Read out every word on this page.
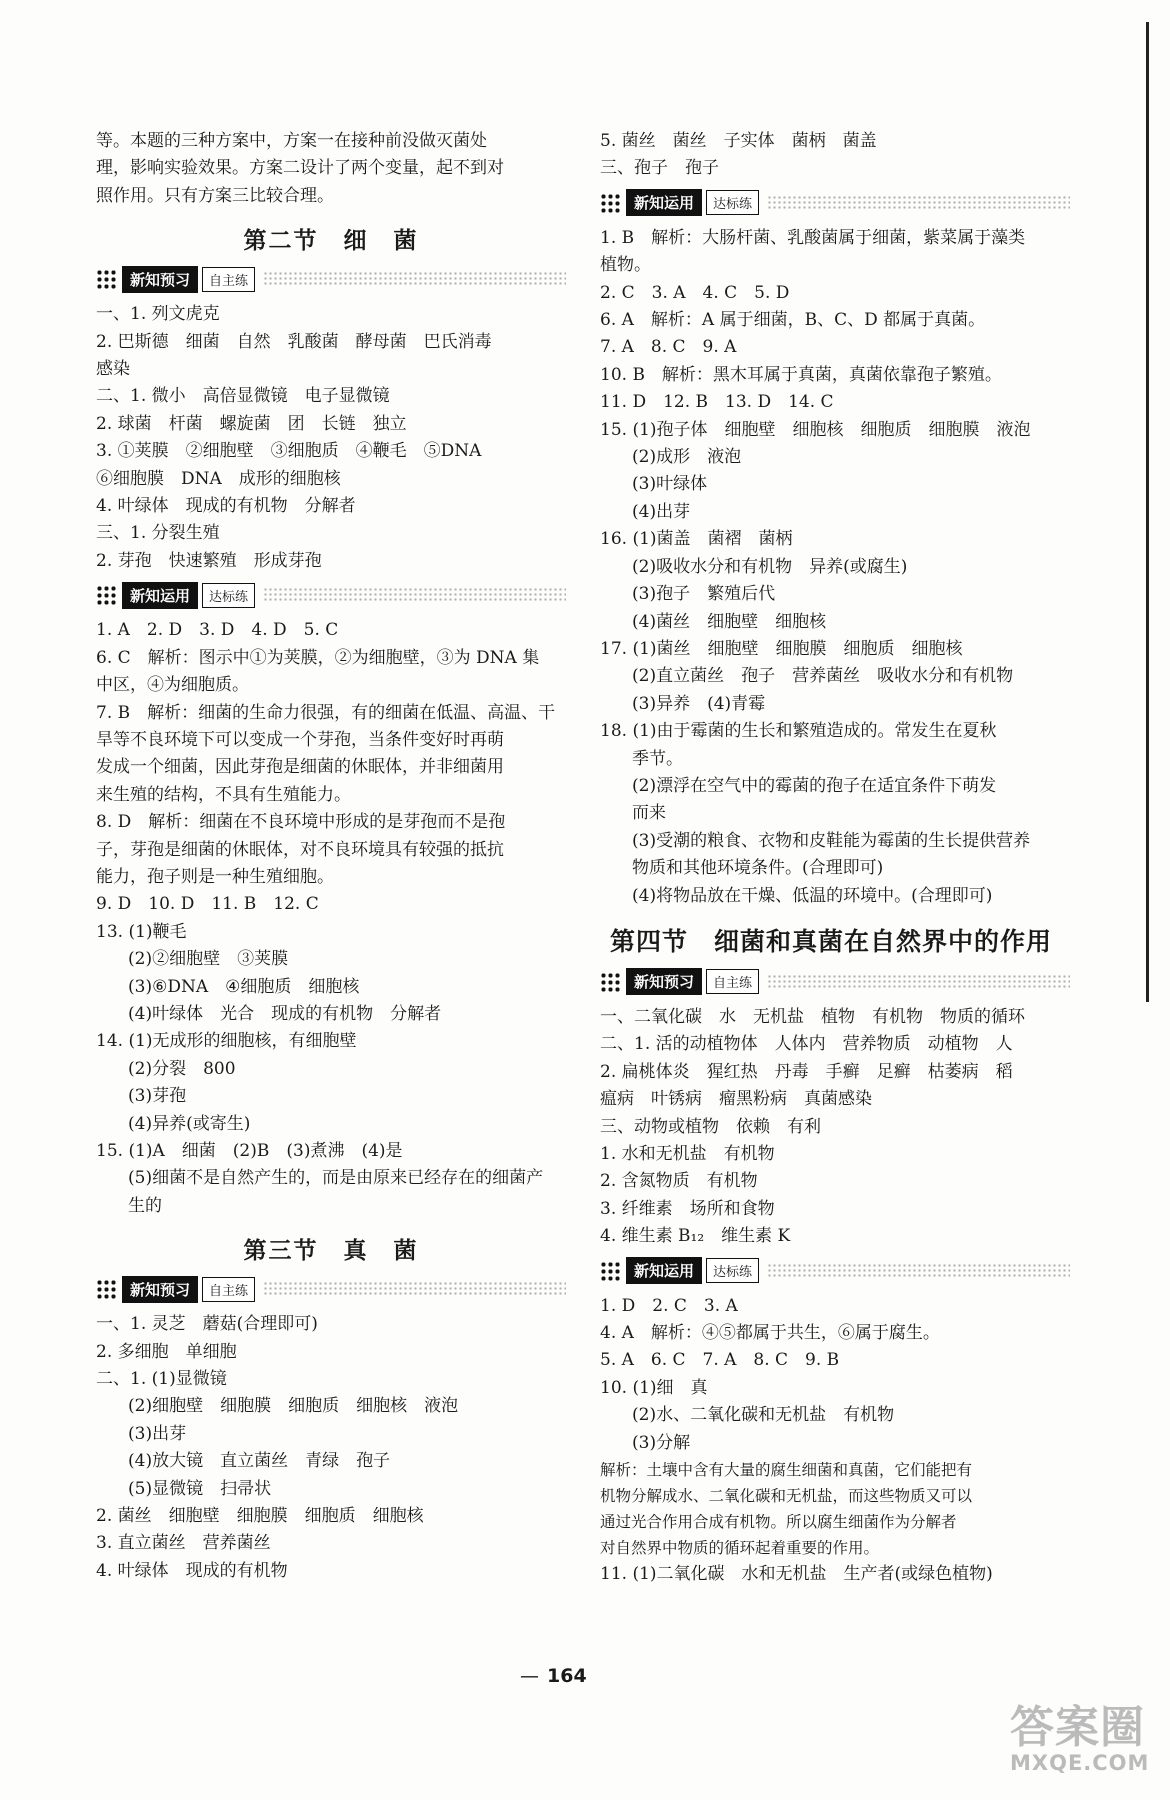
等。本题的三种方案中，方案一在接种前没做灭菌处
理，影响实验效果。方案二设计了两个变量，起不到对
照作用。只有方案三比较合理。
第二节　细　菌
新知预习	自主练
一、1. 列文虎克
2. 巴斯德　细菌　自然　乳酸菌　酵母菌　巴氏消毒
感染
二、1. 微小　高倍显微镜　电子显微镜
2. 球菌　杆菌　螺旋菌　团　长链　独立
3. ①荚膜　②细胞壁　③细胞质　④鞭毛　⑤DNA
⑥细胞膜　DNA　成形的细胞核
4. 叶绿体　现成的有机物　分解者
三、1. 分裂生殖
2. 芽孢　快速繁殖　形成芽孢
新知运用	达标练
1. A　2. D　3. D　4. D　5. C
6. C　解析：图示中①为荚膜，②为细胞壁，③为 DNA 集
中区，④为细胞质。
7. B　解析：细菌的生命力很强，有的细菌在低温、高温、干
旱等不良环境下可以变成一个芽孢，当条件变好时再萌
发成一个细菌，因此芽孢是细菌的休眠体，并非细菌用
来生殖的结构，不具有生殖能力。
8. D　解析：细菌在不良环境中形成的是芽孢而不是孢
子，芽孢是细菌的休眠体，对不良环境具有较强的抵抗
能力，孢子则是一种生殖细胞。
9. D　10. D　11. B　12. C
13. (1)鞭毛
(2)②细胞壁　③荚膜
(3)⑥DNA　④细胞质　细胞核
(4)叶绿体　光合　现成的有机物　分解者
14. (1)无成形的细胞核，有细胞壁
(2)分裂　800
(3)芽孢
(4)异养(或寄生)
15. (1)A　细菌　(2)B　(3)煮沸　(4)是
(5)细菌不是自然产生的，而是由原来已经存在的细菌产
生的
第三节　真　菌
新知预习	自主练
一、1. 灵芝　蘑菇(合理即可)
2. 多细胞　单细胞
二、1. (1)显微镜
(2)细胞壁　细胞膜　细胞质　细胞核　液泡
(3)出芽
(4)放大镜　直立菌丝　青绿　孢子
(5)显微镜　扫帚状
2. 菌丝　细胞壁　细胞膜　细胞质　细胞核
3. 直立菌丝　营养菌丝
4. 叶绿体　现成的有机物
5. 菌丝　菌丝　子实体　菌柄　菌盖
三、孢子　孢子
新知运用	达标练
1. B　解析：大肠杆菌、乳酸菌属于细菌，紫菜属于藻类
植物。
2. C　3. A　4. C　5. D
6. A　解析：A 属于细菌，B、C、D 都属于真菌。
7. A　8. C　9. A
10. B　解析：黑木耳属于真菌，真菌依靠孢子繁殖。
11. D　12. B　13. D　14. C
15. (1)孢子体　细胞壁　细胞核　细胞质　细胞膜　液泡
(2)成形　液泡
(3)叶绿体
(4)出芽
16. (1)菌盖　菌褶　菌柄
(2)吸收水分和有机物　异养(或腐生)
(3)孢子　繁殖后代
(4)菌丝　细胞壁　细胞核
17. (1)菌丝　细胞壁　细胞膜　细胞质　细胞核
(2)直立菌丝　孢子　营养菌丝　吸收水分和有机物
(3)异养　(4)青霉
18. (1)由于霉菌的生长和繁殖造成的。常发生在夏秋
季节。
(2)漂浮在空气中的霉菌的孢子在适宜条件下萌发
而来
(3)受潮的粮食、衣物和皮鞋能为霉菌的生长提供营养
物质和其他环境条件。(合理即可)
(4)将物品放在干燥、低温的环境中。(合理即可)
第四节　细菌和真菌在自然界中的作用
新知预习	自主练
一、二氧化碳　水　无机盐　植物　有机物　物质的循环
二、1. 活的动植物体　人体内　营养物质　动植物　人
2. 扁桃体炎　猩红热　丹毒　手癣　足癣　枯萎病　稻
瘟病　叶锈病　瘤黑粉病　真菌感染
三、动物或植物　依赖　有利
1. 水和无机盐　有机物
2. 含氮物质　有机物
3. 纤维素　场所和食物
4. 维生素 B₁₂　维生素 K
新知运用	达标练
1. D　2. C　3. A
4. A　解析：④⑤都属于共生，⑥属于腐生。
5. A　6. C　7. A　8. C　9. B
10. (1)细　真
(2)水、二氧化碳和无机盐　有机物
(3)分解
解析：土壤中含有大量的腐生细菌和真菌，它们能把有
机物分解成水、二氧化碳和无机盐，而这些物质又可以
通过光合作用合成有机物。所以腐生细菌作为分解者
对自然界中物质的循环起着重要的作用。
11. (1)二氧化碳　水和无机盐　生产者(或绿色植物)
— 164
答案圈
MXQE.COM
